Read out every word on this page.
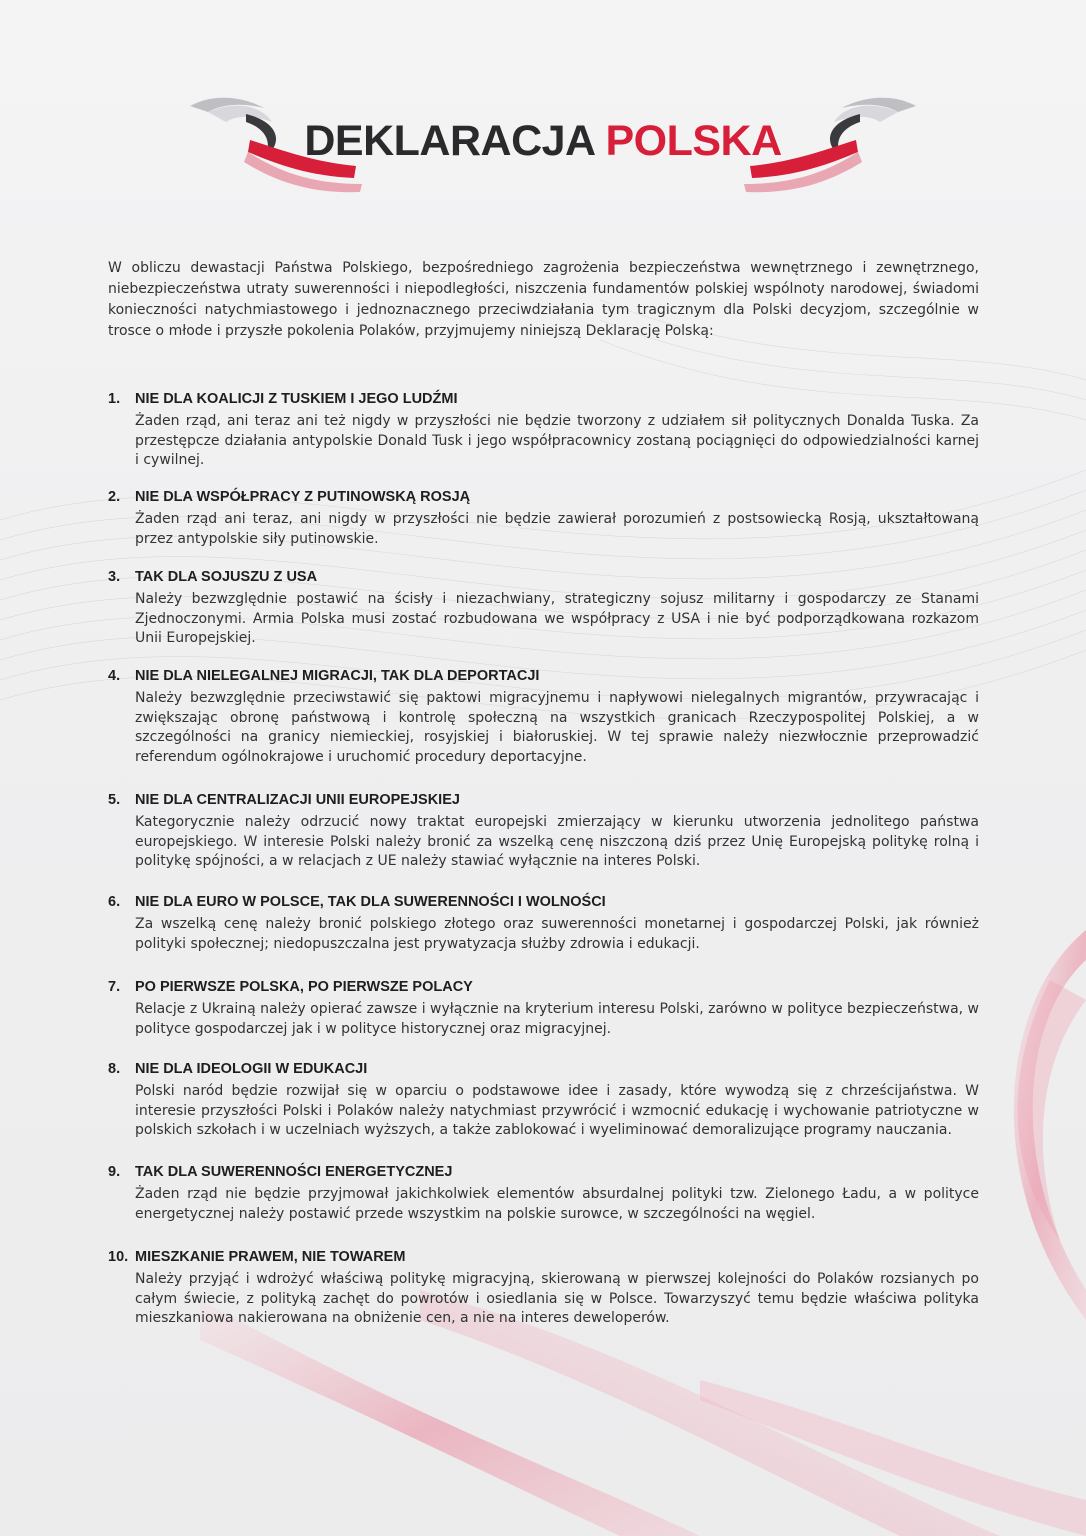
DEKLARACJA POLSKA

W obliczu dewastacji Państwa Polskiego, bezpośredniego zagrożenia bezpieczeństwa wewnętrznego i zewnętrznego, niebezpieczeństwa utraty suwerenności i niepodległości, niszczenia fundamentów polskiej wspólnoty narodowej, świadomi konieczności natychmiastowego i jednoznacznego przeciwdziałania tym tragicznym dla Polski decyzjom, szczególnie w trosce o młode i przyszłe pokolenia Polaków, przyjmujemy niniejszą Deklarację Polską:

1. NIE DLA KOALICJI Z TUSKIEM I JEGO LUDŹMI

Żaden rząd, ani teraz ani też nigdy w przyszłości nie będzie tworzony z udziałem sił politycznych Donalda Tuska. Za przestępcze działania antypolskie Donald Tusk i jego współpracownicy zostaną pociągnięci do odpowiedzialności karnej i cywilnej.

2. NIE DLA WSPÓŁPRACY Z PUTINOWSKĄ ROSJĄ

Żaden rząd ani teraz, ani nigdy w przyszłości nie będzie zawierał porozumień z postsowiecką Rosją, ukształtowaną przez antypolskie siły putinowskie.

3. TAK DLA SOJUSZU Z USA

Należy bezwzględnie postawić na ścisły i niezachwiany, strategiczny sojusz militarny i gospodarczy ze Stanami Zjednoczonymi. Armia Polska musi zostać rozbudowana we współpracy z USA i nie być podporządkowana rozkazom Unii Europejskiej.

4. NIE DLA NIELEGALNEJ MIGRACJI, TAK DLA DEPORTACJI

Należy bezwzględnie przeciwstawić się paktowi migracyjnemu i napływowi nielegalnych migrantów, przywracając i zwiększając obronę państwową i kontrolę społeczną na wszystkich granicach Rzeczypospolitej Polskiej, a w szczególności na granicy niemieckiej, rosyjskiej i białoruskiej. W tej sprawie należy niezwłocznie przeprowadzić referendum ogólnokrajowe i uruchomić procedury deportacyjne.

5. NIE DLA CENTRALIZACJI UNII EUROPEJSKIEJ

Kategorycznie należy odrzucić nowy traktat europejski zmierzający w kierunku utworzenia jednolitego państwa europejskiego. W interesie Polski należy bronić za wszelką cenę niszczoną dziś przez Unię Europejską politykę rolną i politykę spójności, a w relacjach z UE należy stawiać wyłącznie na interes Polski.

6. NIE DLA EURO W POLSCE, TAK DLA SUWERENNOŚCI I WOLNOŚCI

Za wszelką cenę należy bronić polskiego złotego oraz suwerenności monetarnej i gospodarczej Polski, jak również polityki społecznej; niedopuszczalna jest prywatyzacja służby zdrowia i edukacji.

7. PO PIERWSZE POLSKA, PO PIERWSZE POLACY

Relacje z Ukrainą należy opierać zawsze i wyłącznie na kryterium interesu Polski, zarówno w polityce bezpieczeństwa, w polityce gospodarczej jak i w polityce historycznej oraz migracyjnej.

8. NIE DLA IDEOLOGII W EDUKACJI

Polski naród będzie rozwijał się w oparciu o podstawowe idee i zasady, które wywodzą się z chrześcijaństwa. W interesie przyszłości Polski i Polaków należy natychmiast przywrócić i wzmocnić edukację i wychowanie patriotyczne w polskich szkołach i w uczelniach wyższych, a także zablokować i wyeliminować demoralizujące programy nauczania.

9. TAK DLA SUWERENNOŚCI ENERGETYCZNEJ

Żaden rząd nie będzie przyjmował jakichkolwiek elementów absurdalnej polityki tzw. Zielonego Ładu, a w polityce energetycznej należy postawić przede wszystkim na polskie surowce, w szczególności na węgiel.

10. MIESZKANIE PRAWEM, NIE TOWAREM

Należy przyjąć i wdrożyć właściwą politykę migracyjną, skierowaną w pierwszej kolejności do Polaków rozsianych po całym świecie, z polityką zachęt do powrotów i osiedlania się w Polsce. Towarzyszyć temu będzie właściwa polityka mieszkaniowa nakierowana na obniżenie cen, a nie na interes deweloperów.
